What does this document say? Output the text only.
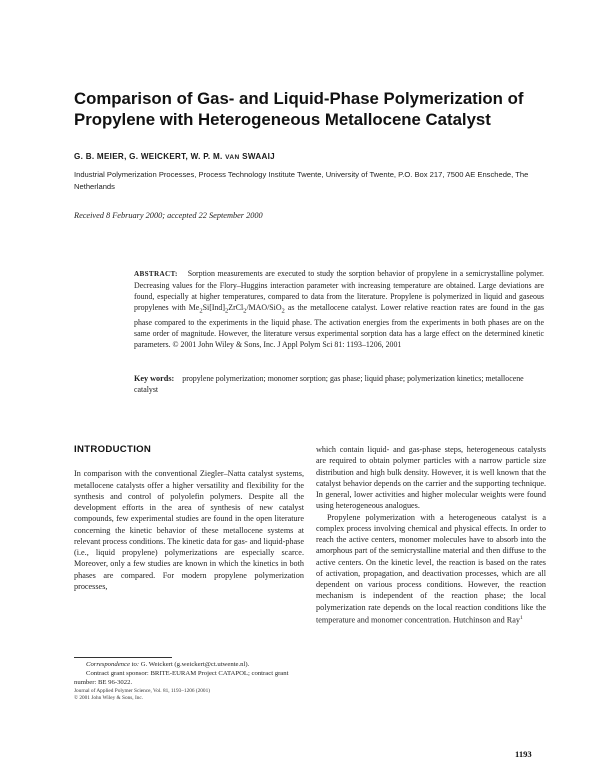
Comparison of Gas- and Liquid-Phase Polymerization of Propylene with Heterogeneous Metallocene Catalyst
G. B. MEIER, G. WEICKERT, W. P. M. VAN SWAAIJ
Industrial Polymerization Processes, Process Technology Institute Twente, University of Twente, P.O. Box 217, 7500 AE Enschede, The Netherlands
Received 8 February 2000; accepted 22 September 2000
ABSTRACT: Sorption measurements are executed to study the sorption behavior of propylene in a semicrystalline polymer. Decreasing values for the Flory–Huggins interaction parameter with increasing temperature are obtained. Large deviations are found, especially at higher temperatures, compared to data from the literature. Propylene is polymerized in liquid and gaseous propylenes with $Me_2Si[Ind]_2ZrCl_2/MAO/SiO_2$ as the metallocene catalyst. Lower relative reaction rates are found in the gas phase compared to the experiments in the liquid phase. The activation energies from the experiments in both phases are on the same order of magnitude. However, the literature versus experimental sorption data has a large effect on the determined kinetic parameters. © 2001 John Wiley & Sons, Inc. J Appl Polym Sci 81: 1193–1206, 2001
Key words: propylene polymerization; monomer sorption; gas phase; liquid phase; polymerization kinetics; metallocene catalyst
INTRODUCTION

In comparison with the conventional Ziegler–Natta catalyst systems, metallocene catalysts offer a higher versatility and flexibility for the synthesis and control of polyolefin polymers. Despite all the development efforts in the area of synthesis of new catalyst compounds, few experimental studies are found in the open literature concerning the kinetic behavior of these metallocene systems at relevant process conditions. The kinetic data for gas- and liquid-phase (i.e., liquid propylene) polymerizations are especially scarce. Moreover, only a few studies are known in which the kinetics in both phases are compared. For modern propylene polymerization processes,

which contain liquid- and gas-phase steps, heterogeneous catalysts are required to obtain polymer particles with a narrow particle size distribution and high bulk density. However, it is well known that the catalyst behavior depends on the carrier and the supporting technique. In general, lower activities and higher molecular weights were found using heterogeneous analogues.

Propylene polymerization with a heterogeneous catalyst is a complex process involving chemical and physical effects. In order to reach the active centers, monomer molecules have to absorb into the amorphous part of the semicrystalline material and then diffuse to the active centers. On the kinetic level, the reaction is based on the rates of activation, propagation, and deactivation processes, which are all dependent on various process conditions. However, the reaction mechanism is independent of the reaction phase; the local polymerization rate depends on the local reaction conditions like the temperature and monomer concentration. Hutchinson and Ray$^1$

Correspondence to: G. Weickert (g.weickert@ct.utwente.nl).

Contract grant sponsor: BRITE-EURAM Project CATAPOL; contract grant number: BE 96-3022.

Journal of Applied Polymer Science, Vol. 81, 1193–1206 (2001)

© 2001 John Wiley & Sons, Inc.

1193
